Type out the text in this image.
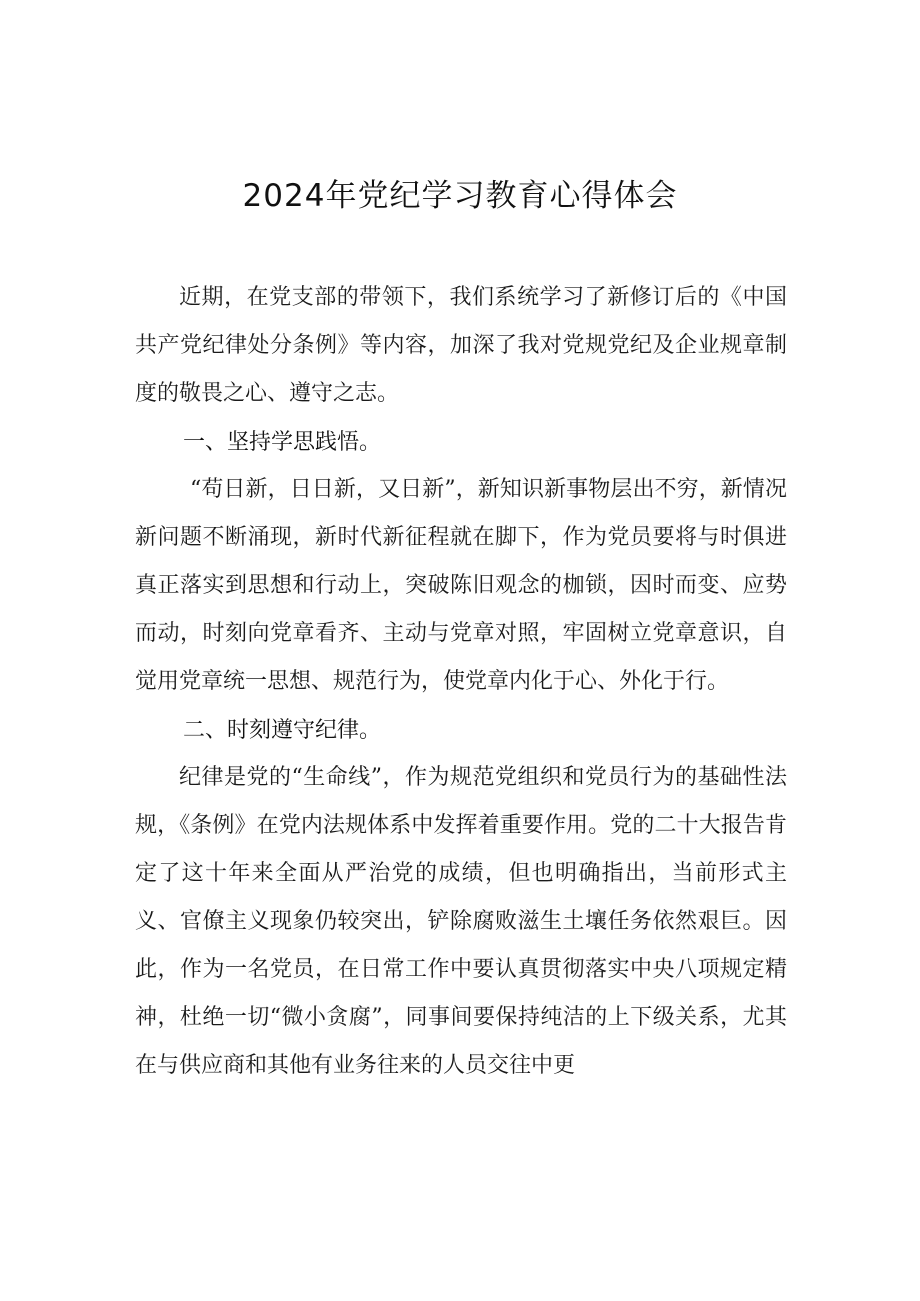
2024年党纪学习教育心得体会

近期，在党支部的带领下，我们系统学习了新修订后的《中国共产党纪律处分条例》等内容，加深了我对党规党纪及企业规章制度的敬畏之心、遵守之志。

一、坚持学思践悟。

“苟日新，日日新，又日新”，新知识新事物层出不穷，新情况新问题不断涌现，新时代新征程就在脚下，作为党员要将与时俱进真正落实到思想和行动上，突破陈旧观念的枷锁，因时而变、应势而动，时刻向党章看齐、主动与党章对照，牢固树立党章意识，自觉用党章统一思想、规范行为，使党章内化于心、外化于行。

二、时刻遵守纪律。

纪律是党的“生命线”，作为规范党组织和党员行为的基础性法规，《条例》在党内法规体系中发挥着重要作用。党的二十大报告肯定了这十年来全面从严治党的成绩，但也明确指出，当前形式主义、官僚主义现象仍较突出，铲除腐败滋生土壤任务依然艰巨。因此，作为一名党员，在日常工作中要认真贯彻落实中央八项规定精神，杜绝一切“微小贪腐”，同事间要保持纯洁的上下级关系，尤其在与供应商和其他有业务往来的人员交往中更
